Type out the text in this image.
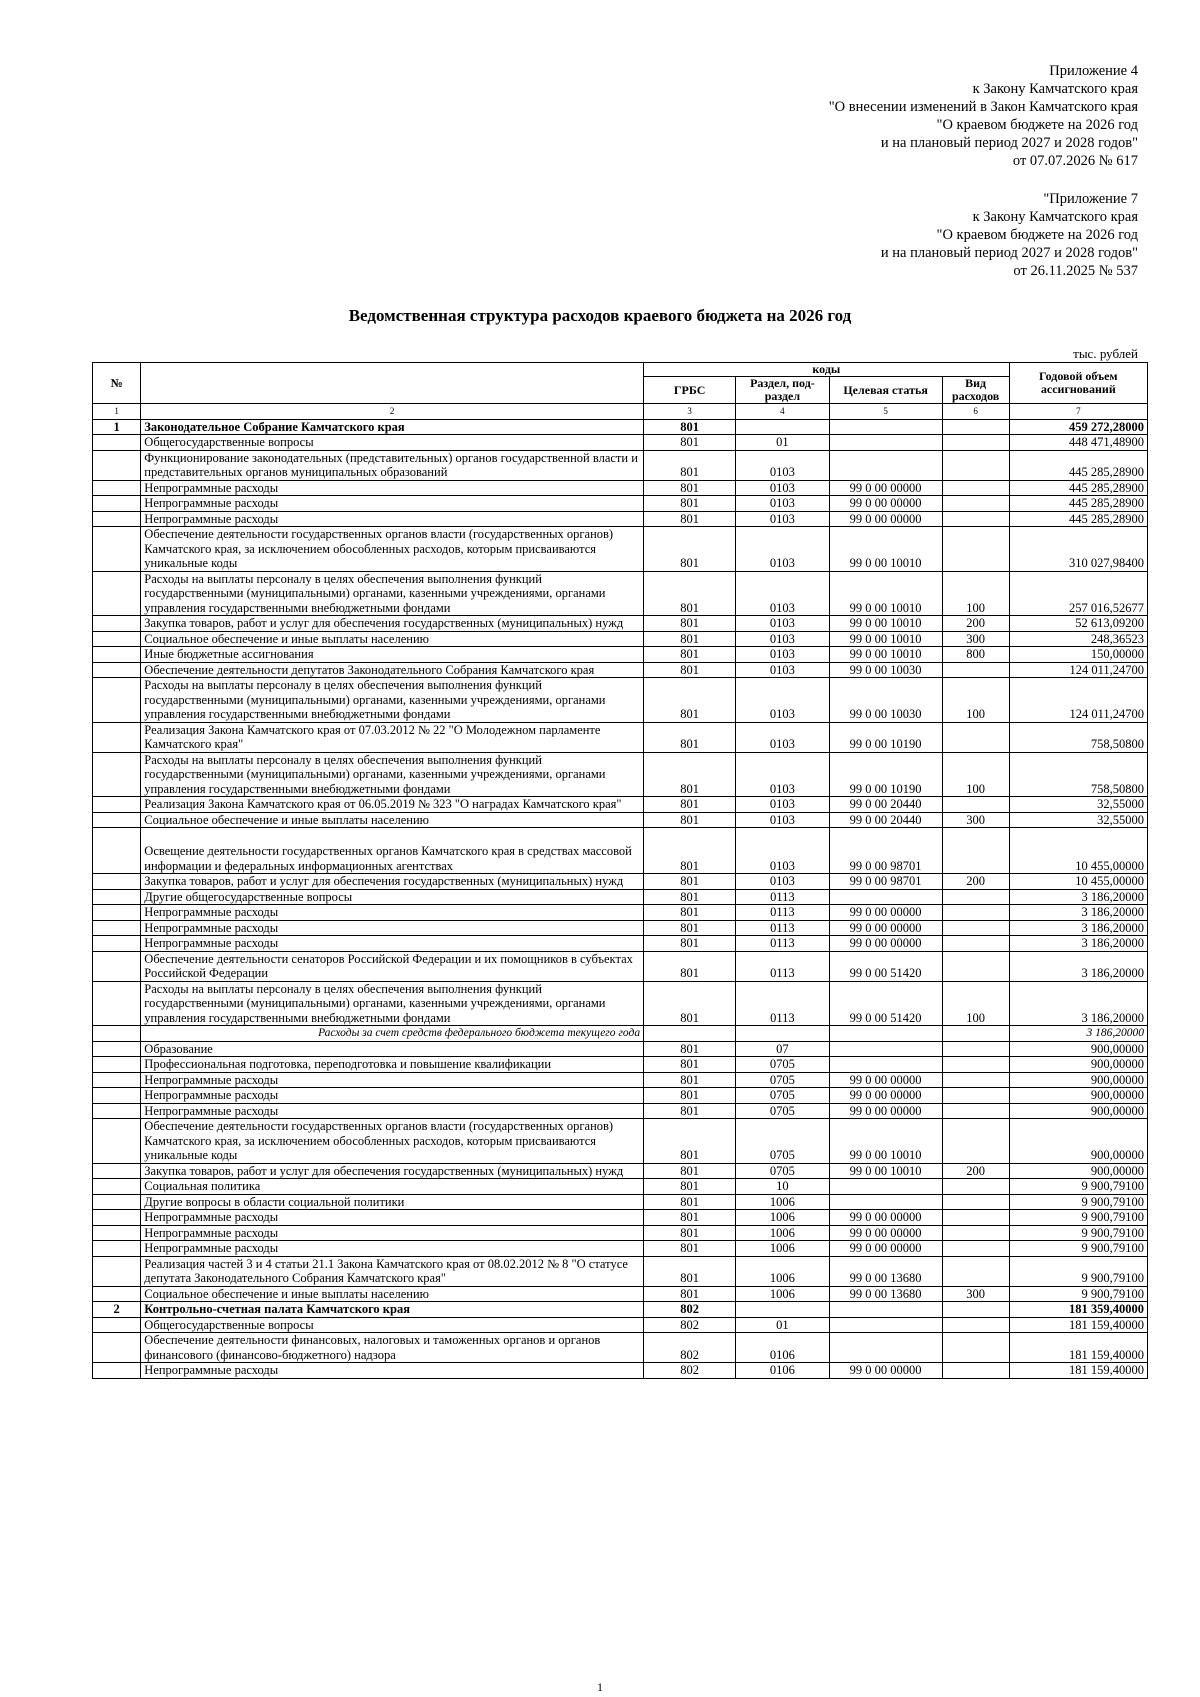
Приложение 4
к Закону Камчатского края
"О внесении изменений в Закон Камчатского края
"О краевом бюджете на 2026 год
и на плановый период 2027 и 2028 годов"
от 07.07.2026 № 617
"Приложение 7
к Закону Камчатского края
"О краевом бюджете на 2026 год
и на плановый период 2027 и 2028 годов"
от 26.11.2025 № 537
Ведомственная структура расходов краевого бюджета на 2026 год
тыс. рублей
№		коды				Годовой объем ассигнований
		ГРБС	Раздел, под-раздел	Целевая статья	Вид расходов	
1	2	3	4	5	6	7
1	Законодательное Собрание Камчатского края	801				459 272,28000
	Общегосударственные вопросы	801	01			448 471,48900
	Функционирование законодательных (представительных) органов государственной власти и представительных органов муниципальных образований	801	0103			445 285,28900
	Непрограммные расходы	801	0103	99 0 00 00000		445 285,28900
	Непрограммные расходы	801	0103	99 0 00 00000		445 285,28900
	Непрограммные расходы	801	0103	99 0 00 00000		445 285,28900
	Обеспечение деятельности государственных органов власти (государственных органов) Камчатского края, за исключением обособленных расходов, которым присваиваются уникальные коды	801	0103	99 0 00 10010		310 027,98400
	Расходы на выплаты персоналу в целях обеспечения выполнения функций государственными (муниципальными) органами, казенными учреждениями, органами управления государственными внебюджетными фондами	801	0103	99 0 00 10010	100	257 016,52677
	Закупка товаров, работ и услуг для обеспечения государственных (муниципальных) нужд	801	0103	99 0 00 10010	200	52 613,09200
	Социальное обеспечение и иные выплаты населению	801	0103	99 0 00 10010	300	248,36523
	Иные бюджетные ассигнования	801	0103	99 0 00 10010	800	150,00000
	Обеспечение деятельности депутатов Законодательного Собрания Камчатского края	801	0103	99 0 00 10030		124 011,24700
	Расходы на выплаты персоналу в целях обеспечения выполнения функций государственными (муниципальными) органами, казенными учреждениями, органами управления государственными внебюджетными фондами	801	0103	99 0 00 10030	100	124 011,24700
	Реализация Закона Камчатского края от 07.03.2012 № 22 "О Молодежном парламенте Камчатского края"	801	0103	99 0 00 10190		758,50800
	Расходы на выплаты персоналу в целях обеспечения выполнения функций государственными (муниципальными) органами, казенными учреждениями, органами управления государственными внебюджетными фондами	801	0103	99 0 00 10190	100	758,50800
	Реализация Закона Камчатского края от 06.05.2019 № 323 "О наградах Камчатского края"	801	0103	99 0 00 20440		32,55000
	Социальное обеспечение и иные выплаты населению	801	0103	99 0 00 20440	300	32,55000
	Освещение деятельности государственных органов Камчатского края в средствах массовой информации и федеральных информационных агентствах	801	0103	99 0 00 98701		10 455,00000
	Закупка товаров, работ и услуг для обеспечения государственных (муниципальных) нужд	801	0103	99 0 00 98701	200	10 455,00000
	Другие общегосударственные вопросы	801	0113			3 186,20000
	Непрограммные расходы	801	0113	99 0 00 00000		3 186,20000
	Непрограммные расходы	801	0113	99 0 00 00000		3 186,20000
	Непрограммные расходы	801	0113	99 0 00 00000		3 186,20000
	Обеспечение деятельности сенаторов Российской Федерации и их помощников в субъектах Российской Федерации	801	0113	99 0 00 51420		3 186,20000
	Расходы на выплаты персоналу в целях обеспечения выполнения функций государственными (муниципальными) органами, казенными учреждениями, органами управления государственными внебюджетными фондами	801	0113	99 0 00 51420	100	3 186,20000
	Расходы за счет средств федерального бюджета текущего года					3 186,20000
	Образование	801	07			900,00000
	Профессиональная подготовка, переподготовка и повышение квалификации	801	0705			900,00000
	Непрограммные расходы	801	0705	99 0 00 00000		900,00000
	Непрограммные расходы	801	0705	99 0 00 00000		900,00000
	Непрограммные расходы	801	0705	99 0 00 00000		900,00000
	Обеспечение деятельности государственных органов власти (государственных органов) Камчатского края, за исключением обособленных расходов, которым присваиваются уникальные коды	801	0705	99 0 00 10010		900,00000
	Закупка товаров, работ и услуг для обеспечения государственных (муниципальных) нужд	801	0705	99 0 00 10010	200	900,00000
	Социальная политика	801	10			9 900,79100
	Другие вопросы в области социальной политики	801	1006			9 900,79100
	Непрограммные расходы	801	1006	99 0 00 00000		9 900,79100
	Непрограммные расходы	801	1006	99 0 00 00000		9 900,79100
	Непрограммные расходы	801	1006	99 0 00 00000		9 900,79100
	Реализация частей 3 и 4 статьи 21.1 Закона Камчатского края от 08.02.2012 № 8 "О статусе депутата Законодательного Собрания Камчатского края"	801	1006	99 0 00 13680		9 900,79100
	Социальное обеспечение и иные выплаты населению	801	1006	99 0 00 13680	300	9 900,79100
2	Контрольно-счетная палата Камчатского края	802				181 359,40000
	Общегосударственные вопросы	802	01			181 159,40000
	Обеспечение деятельности финансовых, налоговых и таможенных органов и органов финансового (финансово-бюджетного) надзора	802	0106			181 159,40000
	Непрограммные расходы	802	0106	99 0 00 00000		181 159,40000
1
